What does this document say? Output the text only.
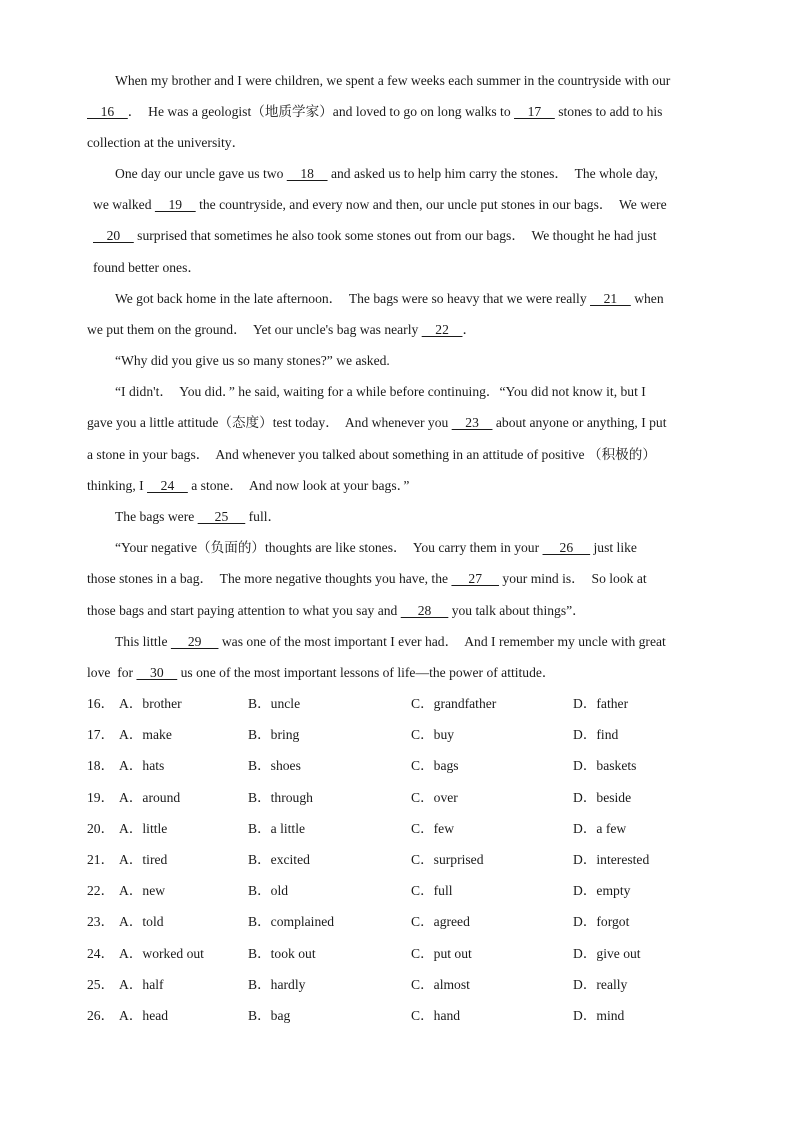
When my brother and I were children, we spent a few weeks each summer in the countryside with our
16    ．  He was a geologist（地质学家）and loved to go on long walks to     17     stones to add to his
collection at the university．
One day our uncle gave us two     18     and asked us to help him carry the stones．  The whole day,
we walked     19     the countryside, and every now and then, our uncle put stones in our bags．  We were
20     surprised that sometimes he also took some stones out from our bags．  We thought he had just
found better ones．
We got back home in the late afternoon．  The bags were so heavy that we were really     21     when
we put them on the ground．  Yet our uncle's bag was nearly     22    ．
“Why did you give us so many stones?” we asked.
“I didn't．  You did．” he said, waiting for a while before continuing．“You did not know it, but I
gave you a little attitude（态度）test today．  And whenever you     23     about anyone or anything, I put
a stone in your bags．  And whenever you talked about something in an attitude of positive （积极的）
thinking, I     24     a stone．  And now look at your bags．”
The bags were      25      full．
“Your negative（负面的）thoughts are like stones．  You carry them in your      26      just like
those stones in a bag．  The more negative thoughts you have, the      27      your mind is．  So look at
those bags and start paying attention to what you say and      28      you talk about things”．
This little      29      was one of the most important I ever had．  And I remember my uncle with great
love  for     30     us one of the most important lessons of life—the power of attitude．
16． A．brother	B．uncle	C．grandfather	D．father
17． A．make	B．bring	C．buy	D．find
18． A．hats	B．shoes	C．bags	D．baskets
19． A．around	B．through	C．over	D．beside
20． A．little	B．a little	C．few	D．a few
21． A．tired	B．excited	C．surprised	D．interested
22． A．new	B．old	C．full	D．empty
23． A．told	B．complained	C．agreed	D．forgot
24． A．worked out	B．took out	C．put out	D．give out
25． A．half	B．hardly	C．almost	D．really
26． A．head	B．bag	C．hand	D．mind
